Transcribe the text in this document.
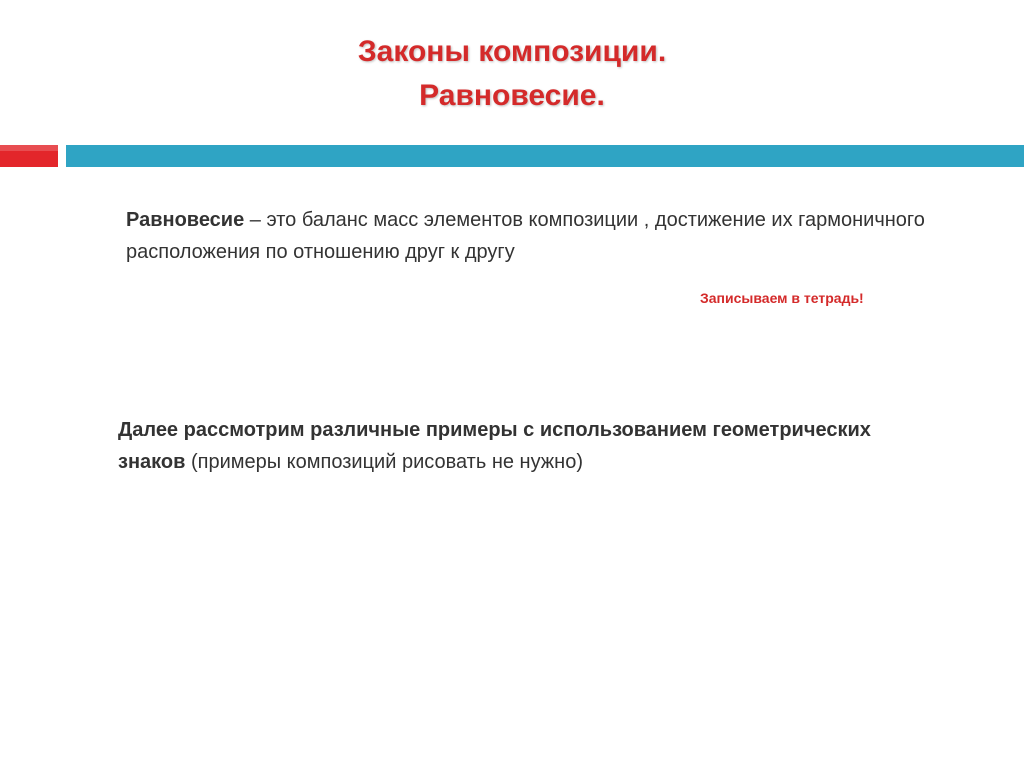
Законы композиции.
Равновесие.
Равновесие – это баланс масс элементов композиции , достижение их гармоничного расположения по отношению друг к другу
Записываем в тетрадь!
Далее рассмотрим различные примеры с использованием геометрических знаков (примеры композиций рисовать не нужно)
